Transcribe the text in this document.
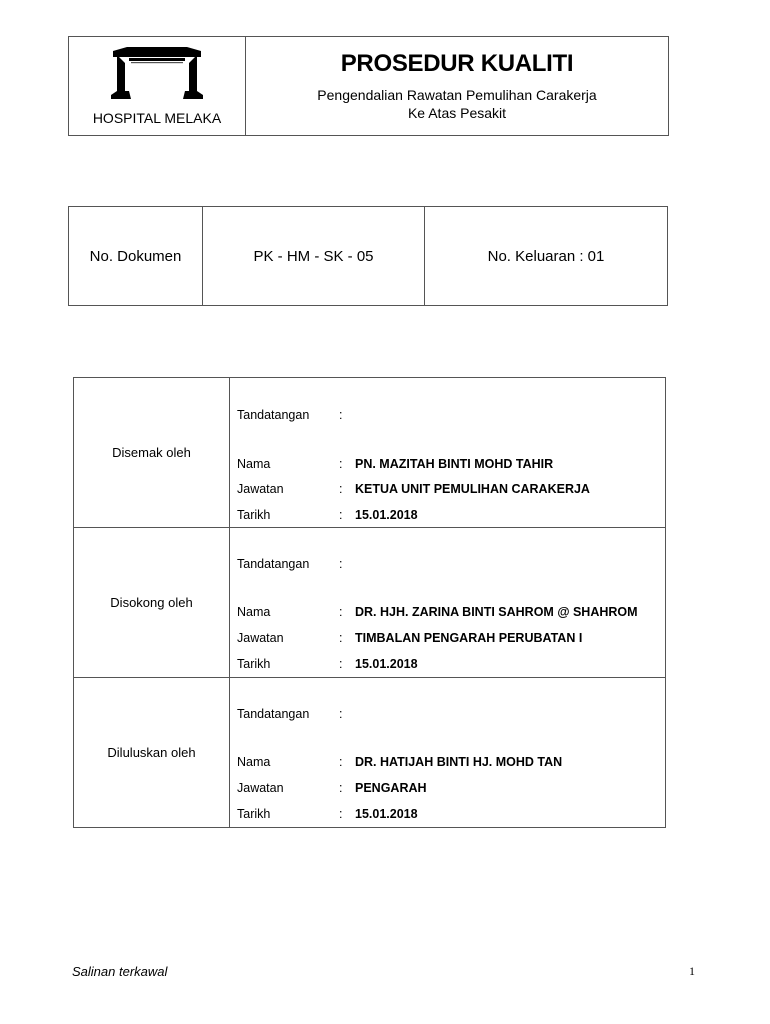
HOSPITAL MELAKA
PROSEDUR KUALITI
Pengendalian Rawatan Pemulihan Carakerja
Ke Atas Pesakit
No. Dokumen	PK - HM - SK - 05	No. Keluaran : 01
Disemak oleh
Tandatangan	:
Nama	:	PN. MAZITAH BINTI MOHD TAHIR
Jawatan	:	KETUA UNIT PEMULIHAN CARAKERJA
Tarikh	:	15.01.2018
Disokong oleh
Tandatangan	:
Nama	:	DR. HJH. ZARINA BINTI SAHROM @ SHAHROM
Jawatan	:	TIMBALAN PENGARAH PERUBATAN I
Tarikh	:	15.01.2018
Diluluskan oleh
Tandatangan	:
Nama	:	DR. HATIJAH BINTI HJ. MOHD TAN
Jawatan	:	PENGARAH
Tarikh	:	15.01.2018
Salinan terkawal	1
